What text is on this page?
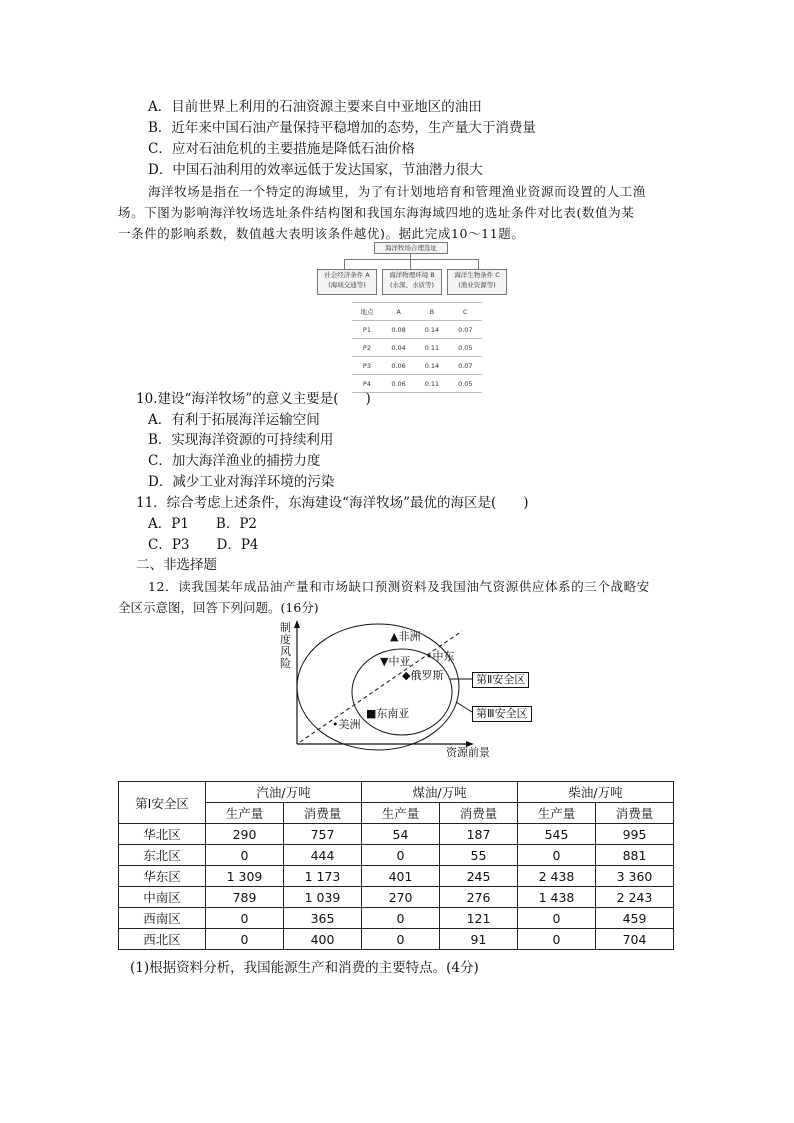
A．目前世界上利用的石油资源主要来自中亚地区的油田
B．近年来中国石油产量保持平稳增加的态势，生产量大于消费量
C．应对石油危机的主要措施是降低石油价格
D．中国石油利用的效率远低于发达国家，节油潜力很大
海洋牧场是指在一个特定的海域里，为了有计划地培育和管理渔业资源而设置的人工渔
场。下图为影响海洋牧场选址条件结构图和我国东海海域四地的选址条件对比表(数值为某
一条件的影响系数，数值越大表明该条件越优)。据此完成10～11题。
海洋牧场合理选址
社会经济条件 A
(海域交通等)
海洋物理环境 B
(水深、水质等)
海洋生物条件 C
(渔业资源等)
地点	A	B	C
P1	0.08	0.14	0.07
P2	0.04	0.11	0.05
P3	0.06	0.14	0.07
P4	0.06	0.11	0.05
10.建设“海洋牧场”的意义主要是(　　)
A．有利于拓展海洋运输空间
B．实现海洋资源的可持续利用
C．加大海洋渔业的捕捞力度
D．减少工业对海洋环境的污染
11．综合考虑上述条件，东海建设“海洋牧场”最优的海区是(　　)
A．P1　　B．P2
C．P3　　D．P4
二、非选择题
12．读我国某年成品油产量和市场缺口预测资料及我国油气资源供应体系的三个战略安
全区示意图，回答下列问题。(16分)
制
度
风
险
▲非洲
▼中亚 •中东
◆俄罗斯
■东南亚
•美洲
第Ⅱ安全区
第Ⅲ安全区
资源前景
第Ⅰ安全区	汽油/万吨		煤油/万吨		柴油/万吨	
	生产量	消费量	生产量	消费量	生产量	消费量
华北区	290	757	54	187	545	995
东北区	0	444	0	55	0	881
华东区	1 309	1 173	401	245	2 438	3 360
中南区	789	1 039	270	276	1 438	2 243
西南区	0	365	0	121	0	459
西北区	0	400	0	91	0	704
(1)根据资料分析，我国能源生产和消费的主要特点。(4分)
